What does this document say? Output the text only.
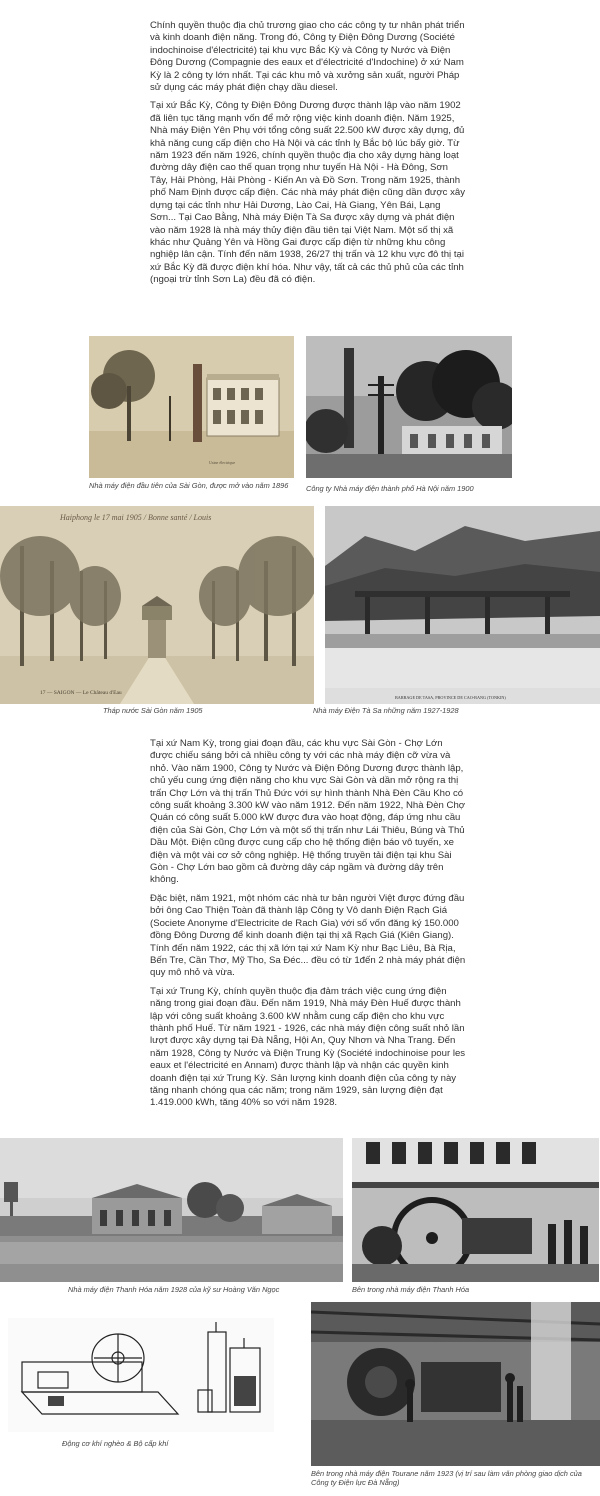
Chính quyền thuộc địa chủ trương giao cho các công ty tư nhân phát triển và kinh doanh điện năng. Trong đó, Công ty Điện Đông Dương (Société indochinoise d'électricité) tại khu vực Bắc Kỳ và Công ty Nước và Điện Đông Dương (Compagnie des eaux et d'électricité d'Indochine) ở xứ Nam Kỳ là 2 công ty lớn nhất. Tại các khu mỏ và xưởng sản xuất, người Pháp sử dụng các máy phát điện chạy dầu diesel.

Tại xứ Bắc Kỳ, Công ty Điện Đông Dương được thành lập vào năm 1902 đã liên tục tăng mạnh vốn để mở rộng việc kinh doanh điện. Năm 1925, Nhà máy Điện Yên Phụ với tổng công suất 22.500 kW được xây dựng, đủ khả năng cung cấp điện cho Hà Nội và các tỉnh lỵ Bắc bộ lúc bấy giờ. Từ năm 1923 đến năm 1926, chính quyền thuộc địa cho xây dựng hàng loạt đường dây điện cao thế quan trọng như tuyến Hà Nội - Hà Đông, Sơn Tây, Hải Phòng, Hải Phòng - Kiến An và Đồ Sơn. Trong năm 1925, thành phố Nam Định được cấp điện. Các nhà máy phát điện cũng dần được xây dựng tại các tỉnh như Hải Dương, Lào Cai, Hà Giang, Yên Bái, Lạng Sơn... Tại Cao Bằng, Nhà máy Điện Tà Sa được xây dựng và phát điện vào năm 1928 là nhà máy thủy điện đầu tiên tại Việt Nam. Một số thị xã khác như Quảng Yên và Hồng Gai được cấp điện từ những khu công nghiệp lân cận. Tính đến năm 1938, 26/27 thị trấn và 12 khu vực đô thị tại xứ Bắc Kỳ đã được điện khí hóa. Như vậy, tất cả các thủ phủ của các tỉnh (ngoại trừ tỉnh Sơn La) đều đã có điện.

Usine électrique
Nhà máy điện đầu tiên của Sài Gòn, được mở vào năm 1896	Công ty Nhà máy điện thành phố Hà Nội năm 1900
Haiphong le 17 mai 1905 / Bonne santé / Louis
17 — SAIGON — Le Château d'Eau
Tháp nước Sài Gòn năm 1905
BARRAGE DE TASA, PROVINCE DE CAO-BANG (TONKIN)
Nhà máy Điện Tà Sa những năm 1927-1928

Tại xứ Nam Kỳ, trong giai đoạn đầu, các khu vực Sài Gòn - Chợ Lớn được chiếu sáng bởi cả nhiều công ty với các nhà máy điện cỡ vừa và nhỏ. Vào năm 1900, Công ty Nước và Điện Đông Dương được thành lập, chủ yếu cung ứng điện năng cho khu vực Sài Gòn và dần mở rộng ra thị trấn Chợ Lớn và thị trấn Thủ Đức với sự hình thành Nhà Đèn Cầu Kho có công suất khoảng 3.300 kW vào năm 1912. Đến năm 1922, Nhà Đèn Chợ Quán có công suất 5.000 kW được đưa vào hoạt động, đáp ứng nhu cầu điện của Sài Gòn, Chợ Lớn và một số thị trấn như Lái Thiêu, Búng và Thủ Dầu Một. Điện cũng được cung cấp cho hệ thống điện báo vô tuyến, xe điện và một vài cơ sở công nghiệp. Hệ thống truyền tải điện tại khu Sài Gòn - Chợ Lớn bao gồm cả đường dây cáp ngầm và đường dây trên không.

Đặc biệt, năm 1921, một nhóm các nhà tư bản người Việt được đứng đầu bởi ông Cao Thiện Toàn đã thành lập Công ty Vô danh Điện Rạch Giá (Societe Anonyme d'Electricite de Rach Gia) với số vốn đăng ký 150.000 đồng Đông Dương để kinh doanh điện tại thị xã Rạch Giá (Kiên Giang). Tính đến năm 1922, các thị xã lớn tại xứ Nam Kỳ như Bạc Liêu, Bà Rịa, Bến Tre, Cần Thơ, Mỹ Tho, Sa Đéc... đều có từ 1đến 2 nhà máy phát điện quy mô nhỏ và vừa.

Tại xứ Trung Kỳ, chính quyền thuộc địa đảm trách việc cung ứng điện năng trong giai đoạn đầu. Đến năm 1919, Nhà máy Đèn Huế được thành lập với công suất khoảng 3.600 kW nhằm cung cấp điện cho khu vực thành phố Huế. Từ năm 1921 - 1926, các nhà máy điện công suất nhỏ lần lượt được xây dựng tại Đà Nẵng, Hội An, Quy Nhơn và Nha Trang. Đến năm 1928, Công ty Nước và Điện Trung Kỳ (Société indochinoise pour les eaux et l'électricité en Annam) được thành lập và nhận các quyền kinh doanh điện tại xứ Trung Kỳ. Sản lượng kinh doanh điện của công ty này tăng nhanh chóng qua các năm; trong năm 1929, sản lượng điện đạt 1.419.000 kWh, tăng 40% so với năm 1928.

Nhà máy điện Thanh Hóa năm 1928 của kỹ sư Hoàng Văn Ngọc	Bên trong nhà máy điện Thanh Hóa
Động cơ khí nghèo & Bộ cấp khí
Bên trong nhà máy điện Tourane năm 1923 (vị trí sau làm văn phòng giao dịch của Công ty Điện lực Đà Nẵng)
